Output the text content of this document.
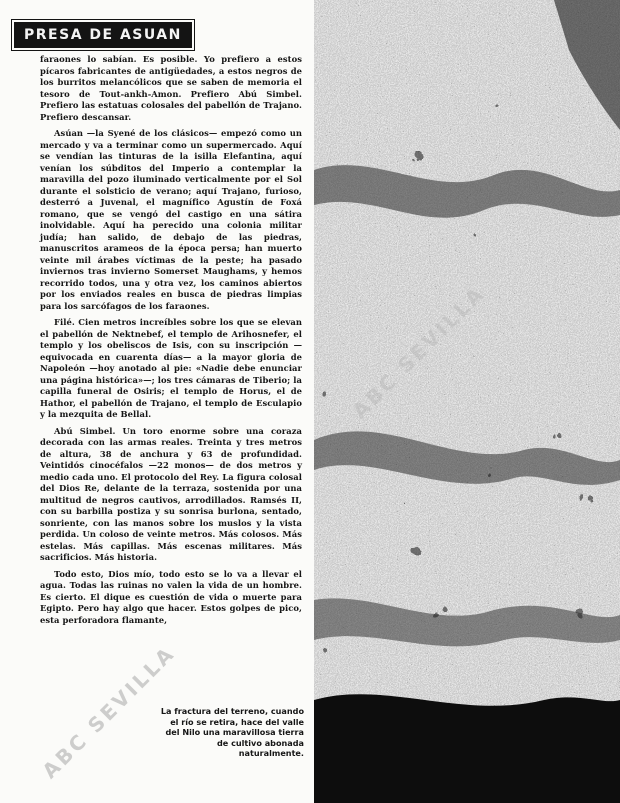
PRESA DE ASUAN

faraones lo sabían. Es posible. Yo prefiero a estos pícaros fabricantes de antigüedades, a estos negros de los burritos melancólicos que se saben de memoria el tesoro de Tout-ankh-Amon. Prefiero Abú Simbel. Prefiero las estatuas colosales del pabellón de Trajano. Prefiero descansar.

Asúan —la Syené de los clásicos— empezó como un mercado y va a terminar como un supermercado. Aquí se vendían las tinturas de la isilla Elefantina, aquí venían los súbditos del Imperio a contemplar la maravilla del pozo iluminado verticalmente por el Sol durante el solsticio de verano; aquí Trajano, furioso, desterró a Juvenal, el magnífico Agustín de Foxá romano, que se vengó del castigo en una sátira inolvidable. Aquí ha perecido una colonia militar judía; han salido, de debajo de las piedras, manuscritos arameos de la época persa; han muerto veinte mil árabes víctimas de la peste; ha pasado inviernos tras invierno Somerset Maughams, y hemos recorrido todos, una y otra vez, los caminos abiertos por los enviados reales en busca de piedras limpias para los sarcófagos de los faraones.

Filé. Cien metros increíbles sobre los que se elevan el pabellón de Nektnebef, el templo de Arihosnefer, el templo y los obeliscos de Isis, con su inscripción —equivocada en cuarenta días— a la mayor gloria de Napoleón —hoy anotado al pie: «Nadie debe enunciar una página histórica»—; los tres cámaras de Tiberio; la capilla funeral de Osiris; el templo de Horus, el de Hathor, el pabellón de Trajano, el templo de Esculapio y la mezquita de Bellal.

Abú Simbel. Un toro enorme sobre una coraza decorada con las armas reales. Treinta y tres metros de altura, 38 de anchura y 63 de profundidad. Veintidós cinocéfalos —22 monos— de dos metros y medio cada uno. El protocolo del Rey. La figura colosal del Dios Re, delante de la terraza, sostenida por una multitud de negros cautivos, arrodillados. Ramsés II, con su barbilla postiza y su sonrisa burlona, sentado, sonriente, con las manos sobre los muslos y la vista perdida. Un coloso de veinte metros. Más colosos. Más estelas. Más capillas. Más escenas militares. Más sacrificios. Más historia.

Todo esto, Dios mío, todo esto se lo va a llevar el agua. Todas las ruinas no valen la vida de un hombre. Es cierto. El dique es cuestión de vida o muerte para Egipto. Pero hay algo que hacer. Estos golpes de pico, esta perforadora flamante,

La fractura del terreno, cuando el río se retira, hace del valle del Nilo una maravillosa tierra de cultivo abonada naturalmente.
ABC SEVILLA
ABC SEVILLA
